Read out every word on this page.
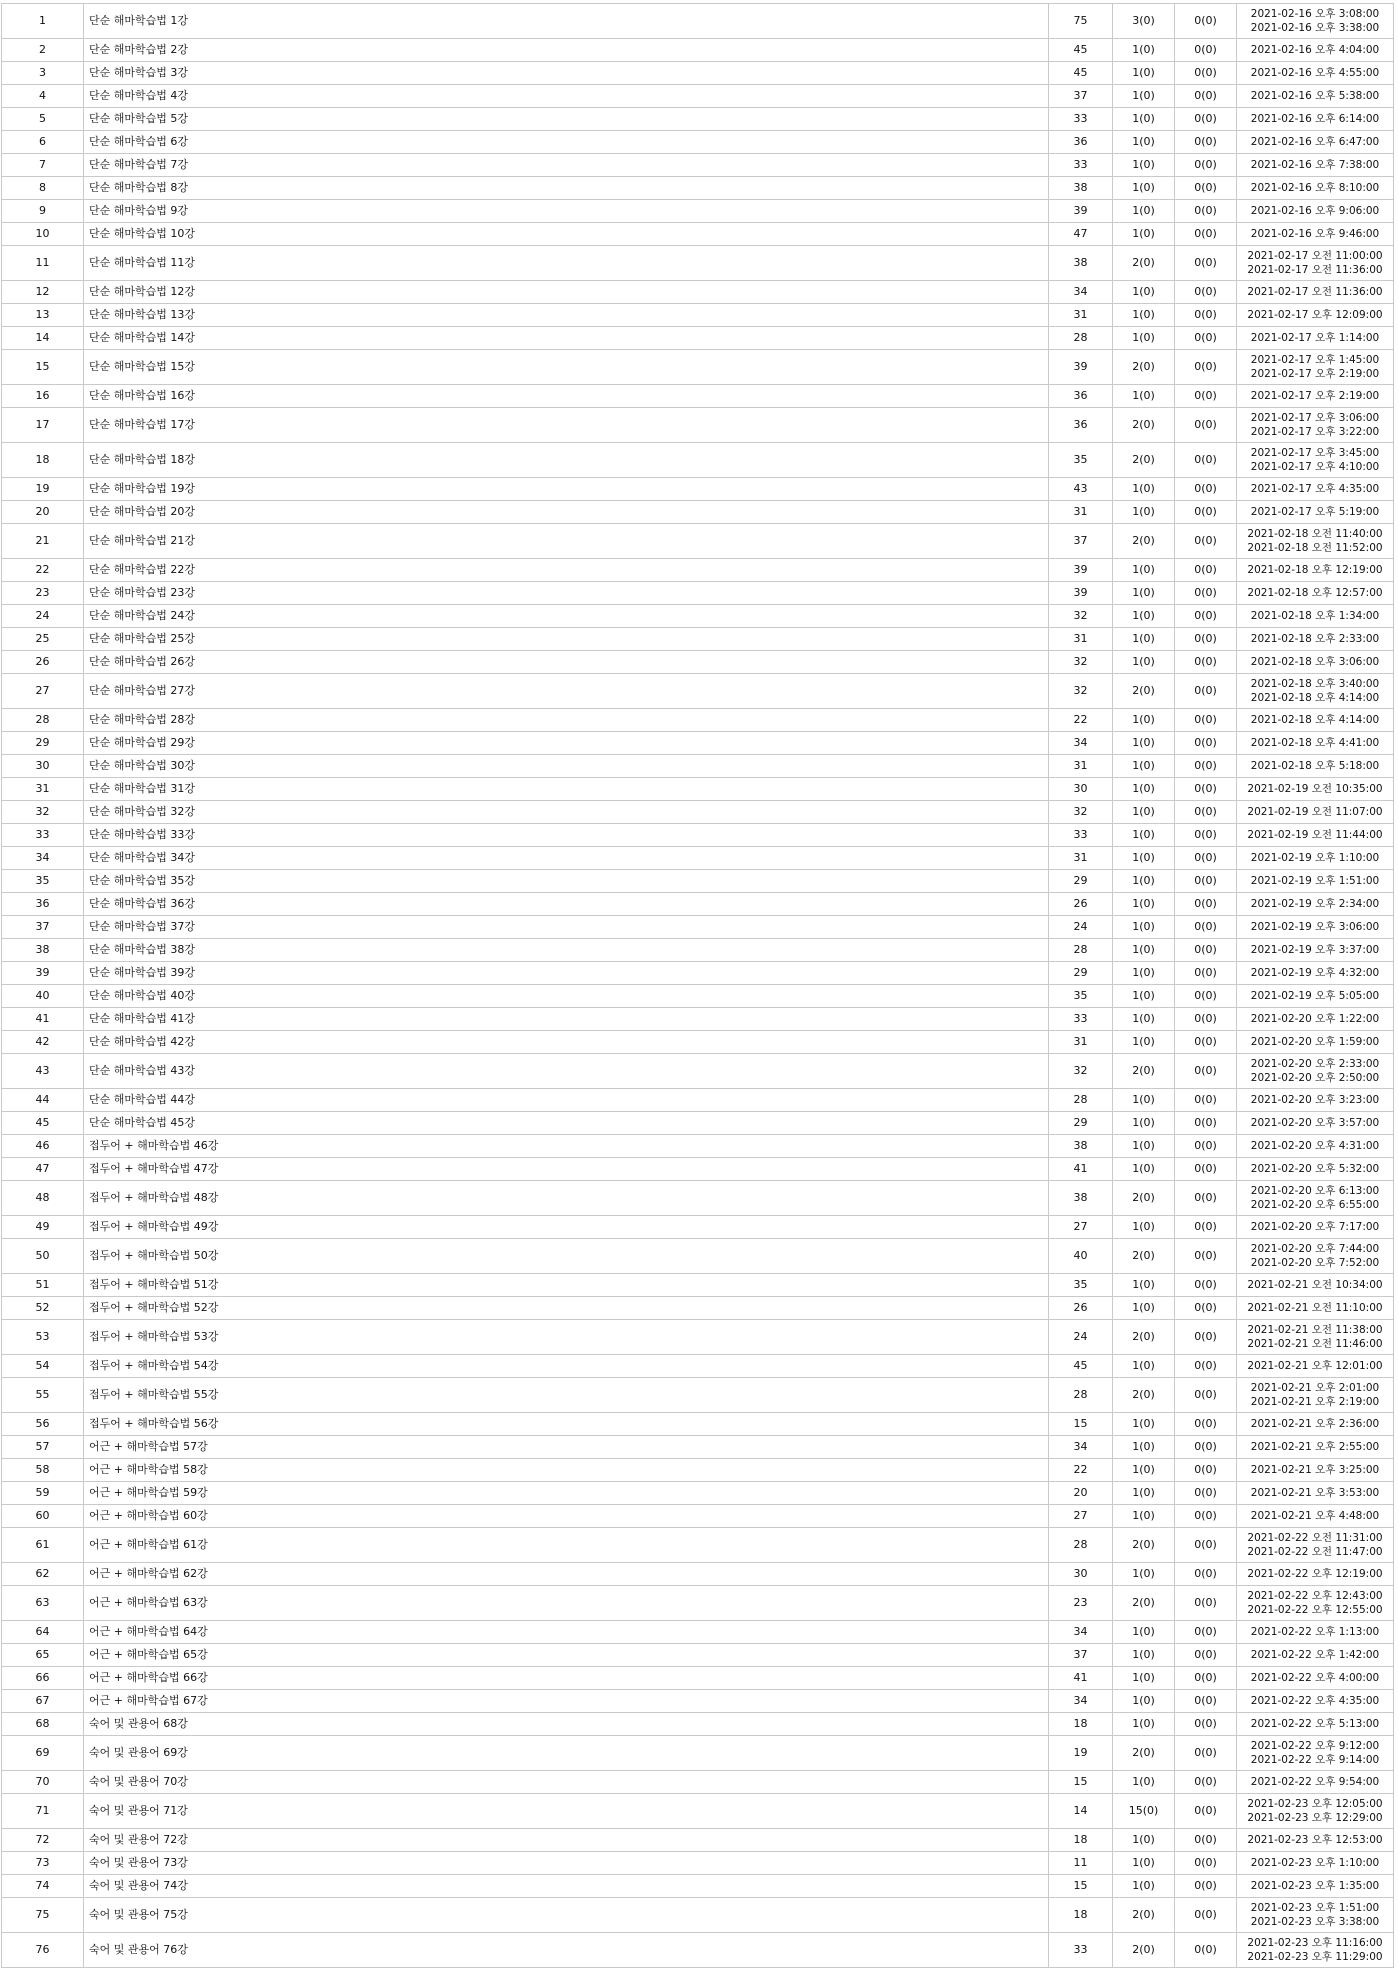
1	단순 해마학습법 1강	75	3(0)	0(0)	2021-02-16 오후 3:08:00
2021-02-16 오후 3:38:00

2	단순 해마학습법 2강	45	1(0)	0(0)	2021-02-16 오후 4:04:00

3	단순 해마학습법 3강	45	1(0)	0(0)	2021-02-16 오후 4:55:00

4	단순 해마학습법 4강	37	1(0)	0(0)	2021-02-16 오후 5:38:00

5	단순 해마학습법 5강	33	1(0)	0(0)	2021-02-16 오후 6:14:00

6	단순 해마학습법 6강	36	1(0)	0(0)	2021-02-16 오후 6:47:00

7	단순 해마학습법 7강	33	1(0)	0(0)	2021-02-16 오후 7:38:00

8	단순 해마학습법 8강	38	1(0)	0(0)	2021-02-16 오후 8:10:00

9	단순 해마학습법 9강	39	1(0)	0(0)	2021-02-16 오후 9:06:00

10	단순 해마학습법 10강	47	1(0)	0(0)	2021-02-16 오후 9:46:00

11	단순 해마학습법 11강	38	2(0)	0(0)	2021-02-17 오전 11:00:00
2021-02-17 오전 11:36:00

12	단순 해마학습법 12강	34	1(0)	0(0)	2021-02-17 오전 11:36:00

13	단순 해마학습법 13강	31	1(0)	0(0)	2021-02-17 오후 12:09:00

14	단순 해마학습법 14강	28	1(0)	0(0)	2021-02-17 오후 1:14:00

15	단순 해마학습법 15강	39	2(0)	0(0)	2021-02-17 오후 1:45:00
2021-02-17 오후 2:19:00

16	단순 해마학습법 16강	36	1(0)	0(0)	2021-02-17 오후 2:19:00

17	단순 해마학습법 17강	36	2(0)	0(0)	2021-02-17 오후 3:06:00
2021-02-17 오후 3:22:00

18	단순 해마학습법 18강	35	2(0)	0(0)	2021-02-17 오후 3:45:00
2021-02-17 오후 4:10:00

19	단순 해마학습법 19강	43	1(0)	0(0)	2021-02-17 오후 4:35:00

20	단순 해마학습법 20강	31	1(0)	0(0)	2021-02-17 오후 5:19:00

21	단순 해마학습법 21강	37	2(0)	0(0)	2021-02-18 오전 11:40:00
2021-02-18 오전 11:52:00

22	단순 해마학습법 22강	39	1(0)	0(0)	2021-02-18 오후 12:19:00

23	단순 해마학습법 23강	39	1(0)	0(0)	2021-02-18 오후 12:57:00

24	단순 해마학습법 24강	32	1(0)	0(0)	2021-02-18 오후 1:34:00

25	단순 해마학습법 25강	31	1(0)	0(0)	2021-02-18 오후 2:33:00

26	단순 해마학습법 26강	32	1(0)	0(0)	2021-02-18 오후 3:06:00

27	단순 해마학습법 27강	32	2(0)	0(0)	2021-02-18 오후 3:40:00
2021-02-18 오후 4:14:00

28	단순 해마학습법 28강	22	1(0)	0(0)	2021-02-18 오후 4:14:00

29	단순 해마학습법 29강	34	1(0)	0(0)	2021-02-18 오후 4:41:00

30	단순 해마학습법 30강	31	1(0)	0(0)	2021-02-18 오후 5:18:00

31	단순 해마학습법 31강	30	1(0)	0(0)	2021-02-19 오전 10:35:00

32	단순 해마학습법 32강	32	1(0)	0(0)	2021-02-19 오전 11:07:00

33	단순 해마학습법 33강	33	1(0)	0(0)	2021-02-19 오전 11:44:00

34	단순 해마학습법 34강	31	1(0)	0(0)	2021-02-19 오후 1:10:00

35	단순 해마학습법 35강	29	1(0)	0(0)	2021-02-19 오후 1:51:00

36	단순 해마학습법 36강	26	1(0)	0(0)	2021-02-19 오후 2:34:00

37	단순 해마학습법 37강	24	1(0)	0(0)	2021-02-19 오후 3:06:00

38	단순 해마학습법 38강	28	1(0)	0(0)	2021-02-19 오후 3:37:00

39	단순 해마학습법 39강	29	1(0)	0(0)	2021-02-19 오후 4:32:00

40	단순 해마학습법 40강	35	1(0)	0(0)	2021-02-19 오후 5:05:00

41	단순 해마학습법 41강	33	1(0)	0(0)	2021-02-20 오후 1:22:00

42	단순 해마학습법 42강	31	1(0)	0(0)	2021-02-20 오후 1:59:00

43	단순 해마학습법 43강	32	2(0)	0(0)	2021-02-20 오후 2:33:00
2021-02-20 오후 2:50:00

44	단순 해마학습법 44강	28	1(0)	0(0)	2021-02-20 오후 3:23:00

45	단순 해마학습법 45강	29	1(0)	0(0)	2021-02-20 오후 3:57:00

46	접두어 + 해마학습법 46강	38	1(0)	0(0)	2021-02-20 오후 4:31:00

47	접두어 + 해마학습법 47강	41	1(0)	0(0)	2021-02-20 오후 5:32:00

48	접두어 + 해마학습법 48강	38	2(0)	0(0)	2021-02-20 오후 6:13:00
2021-02-20 오후 6:55:00

49	접두어 + 해마학습법 49강	27	1(0)	0(0)	2021-02-20 오후 7:17:00

50	접두어 + 해마학습법 50강	40	2(0)	0(0)	2021-02-20 오후 7:44:00
2021-02-20 오후 7:52:00

51	접두어 + 해마학습법 51강	35	1(0)	0(0)	2021-02-21 오전 10:34:00

52	접두어 + 해마학습법 52강	26	1(0)	0(0)	2021-02-21 오전 11:10:00

53	접두어 + 해마학습법 53강	24	2(0)	0(0)	2021-02-21 오전 11:38:00
2021-02-21 오전 11:46:00

54	접두어 + 해마학습법 54강	45	1(0)	0(0)	2021-02-21 오후 12:01:00

55	접두어 + 해마학습법 55강	28	2(0)	0(0)	2021-02-21 오후 2:01:00
2021-02-21 오후 2:19:00

56	접두어 + 해마학습법 56강	15	1(0)	0(0)	2021-02-21 오후 2:36:00

57	어근 + 해마학습법 57강	34	1(0)	0(0)	2021-02-21 오후 2:55:00

58	어근 + 해마학습법 58강	22	1(0)	0(0)	2021-02-21 오후 3:25:00

59	어근 + 해마학습법 59강	20	1(0)	0(0)	2021-02-21 오후 3:53:00

60	어근 + 해마학습법 60강	27	1(0)	0(0)	2021-02-21 오후 4:48:00

61	어근 + 해마학습법 61강	28	2(0)	0(0)	2021-02-22 오전 11:31:00
2021-02-22 오전 11:47:00

62	어근 + 해마학습법 62강	30	1(0)	0(0)	2021-02-22 오후 12:19:00

63	어근 + 해마학습법 63강	23	2(0)	0(0)	2021-02-22 오후 12:43:00
2021-02-22 오후 12:55:00

64	어근 + 해마학습법 64강	34	1(0)	0(0)	2021-02-22 오후 1:13:00

65	어근 + 해마학습법 65강	37	1(0)	0(0)	2021-02-22 오후 1:42:00

66	어근 + 해마학습법 66강	41	1(0)	0(0)	2021-02-22 오후 4:00:00

67	어근 + 해마학습법 67강	34	1(0)	0(0)	2021-02-22 오후 4:35:00

68	숙어 및 관용어 68강	18	1(0)	0(0)	2021-02-22 오후 5:13:00

69	숙어 및 관용어 69강	19	2(0)	0(0)	2021-02-22 오후 9:12:00
2021-02-22 오후 9:14:00

70	숙어 및 관용어 70강	15	1(0)	0(0)	2021-02-22 오후 9:54:00

71	숙어 및 관용어 71강	14	15(0)	0(0)	2021-02-23 오후 12:05:00
2021-02-23 오후 12:29:00

72	숙어 및 관용어 72강	18	1(0)	0(0)	2021-02-23 오후 12:53:00

73	숙어 및 관용어 73강	11	1(0)	0(0)	2021-02-23 오후 1:10:00

74	숙어 및 관용어 74강	15	1(0)	0(0)	2021-02-23 오후 1:35:00

75	숙어 및 관용어 75강	18	2(0)	0(0)	2021-02-23 오후 1:51:00
2021-02-23 오후 3:38:00

76	숙어 및 관용어 76강	33	2(0)	0(0)	2021-02-23 오후 11:16:00
2021-02-23 오후 11:29:00
